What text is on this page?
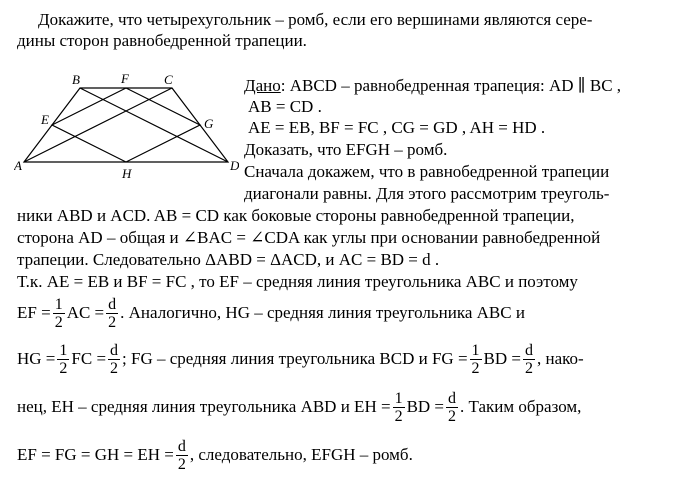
Докажите, что четырехугольник – ромб, если его вершинами являются сере-
дины сторон равнобедренной трапеции.
A
B	F	C
E	G
D
H
Дано: ABCD – равнобедренная трапеция: AD ∥ BC ,
AB = CD .
AE = EB, BF = FC , CG = GD , AH = HD .
Доказать, что EFGH – ромб.
Сначала докажем, что в равнобедренной трапеции
диагонали равны. Для этого рассмотрим треуголь-
ники ABD и ACD. AB = CD как боковые стороны равнобедренной трапеции,
сторона AD – общая и ∠BAC = ∠CDA как углы при основании равнобедренной
трапеции. Следовательно ΔABD = ΔACD, и AC = BD = d .
Т.к. AE = EB и BF = FC , то EF – средняя линия треугольника ABC и поэтому
EF = $\frac{1}{2}$ AC = $\frac{d}{2}$ . Аналогично, HG – средняя линия треугольника ABC и
HG = $\frac{1}{2}$ FC = $\frac{d}{2}$ ; FG – средняя линия треугольника BCD и FG = $\frac{1}{2}$ BD = $\frac{d}{2}$ , нако-
нец, EH – средняя линия треугольника ABD и EH = $\frac{1}{2}$ BD = $\frac{d}{2}$ . Таким образом,
EF = FG = GH = EH = $\frac{d}{2}$ , следовательно, EFGH – ромб.
